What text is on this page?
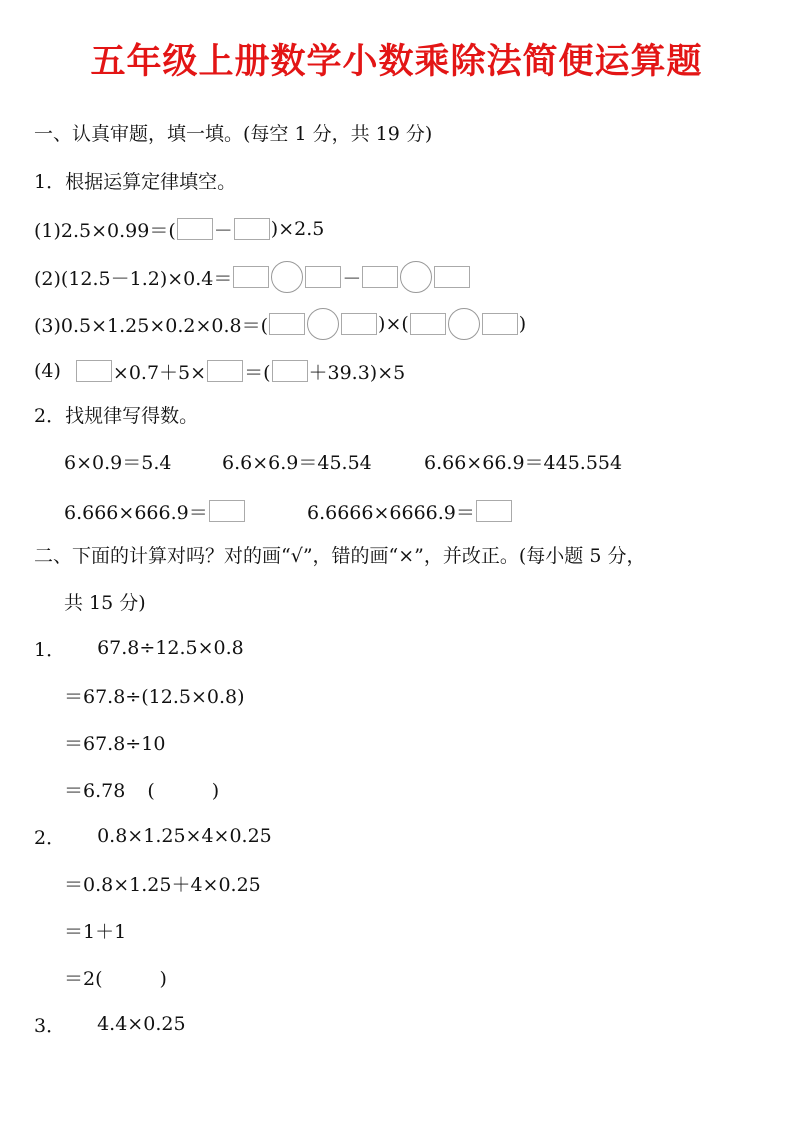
五年级上册数学小数乘除法简便运算题
一、认真审题，填一填。(每空 1 分，共 19 分)
1．根据运算定律填空。
(1)2.5×0.99＝( － )×2.5
(2)(12.5－1.2)×0.4＝	－
(3)0.5×1.25×0.2×0.8＝(	)×(	)
(4)	×0.7＋5× ＝( ＋39.3)×5
2．找规律写得数。
6×0.9＝5.4	6.6×6.9＝45.54	6.66×66.9＝445.554
6.666×666.9＝	6.6666×6666.9＝
二、下面的计算对吗？对的画“√”，错的画“×”，并改正。(每小题 5 分，
共 15 分)
1． 67.8÷12.5×0.8
＝67.8÷(12.5×0.8)
＝67.8÷10
＝6.78 (　　　)
2． 0.8×1.25×4×0.25
＝0.8×1.25＋4×0.25
＝1＋1
＝2 (　　　)
3． 4.4×0.25
